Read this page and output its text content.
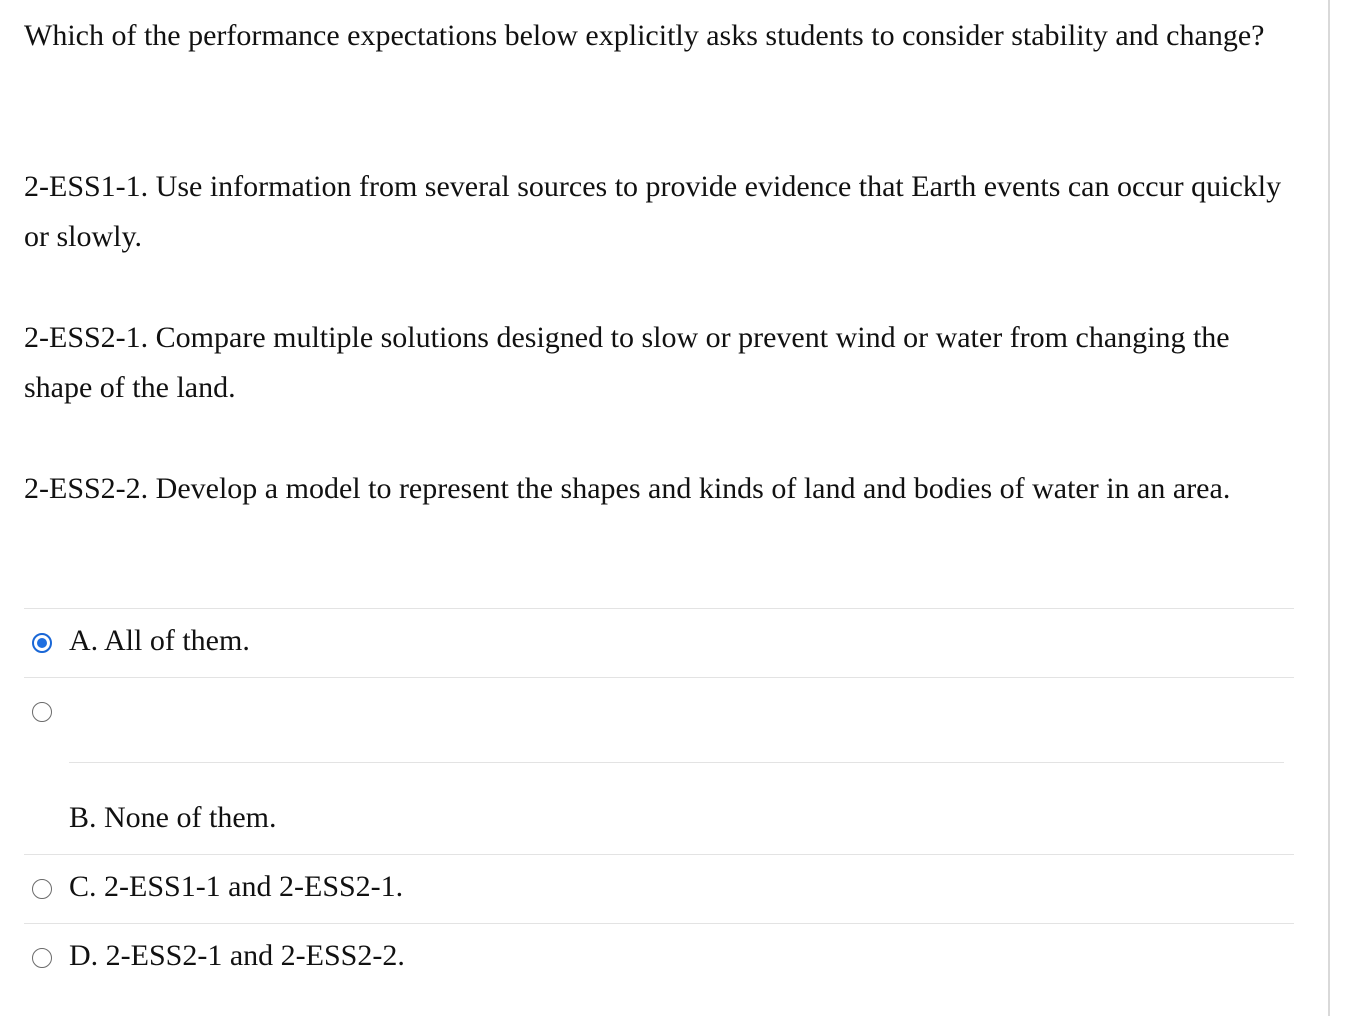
Which of the performance expectations below explicitly asks students to consider stability and change?

2-ESS1-1. Use information from several sources to provide evidence that Earth events can occur quickly or slowly.

2-ESS2-1. Compare multiple solutions designed to slow or prevent wind or water from changing the shape of the land.

2-ESS2-2. Develop a model to represent the shapes and kinds of land and bodies of water in an area.

A. All of them.
B. None of them.
C. 2-ESS1-1 and 2-ESS2-1.
D. 2-ESS2-1 and 2-ESS2-2.
